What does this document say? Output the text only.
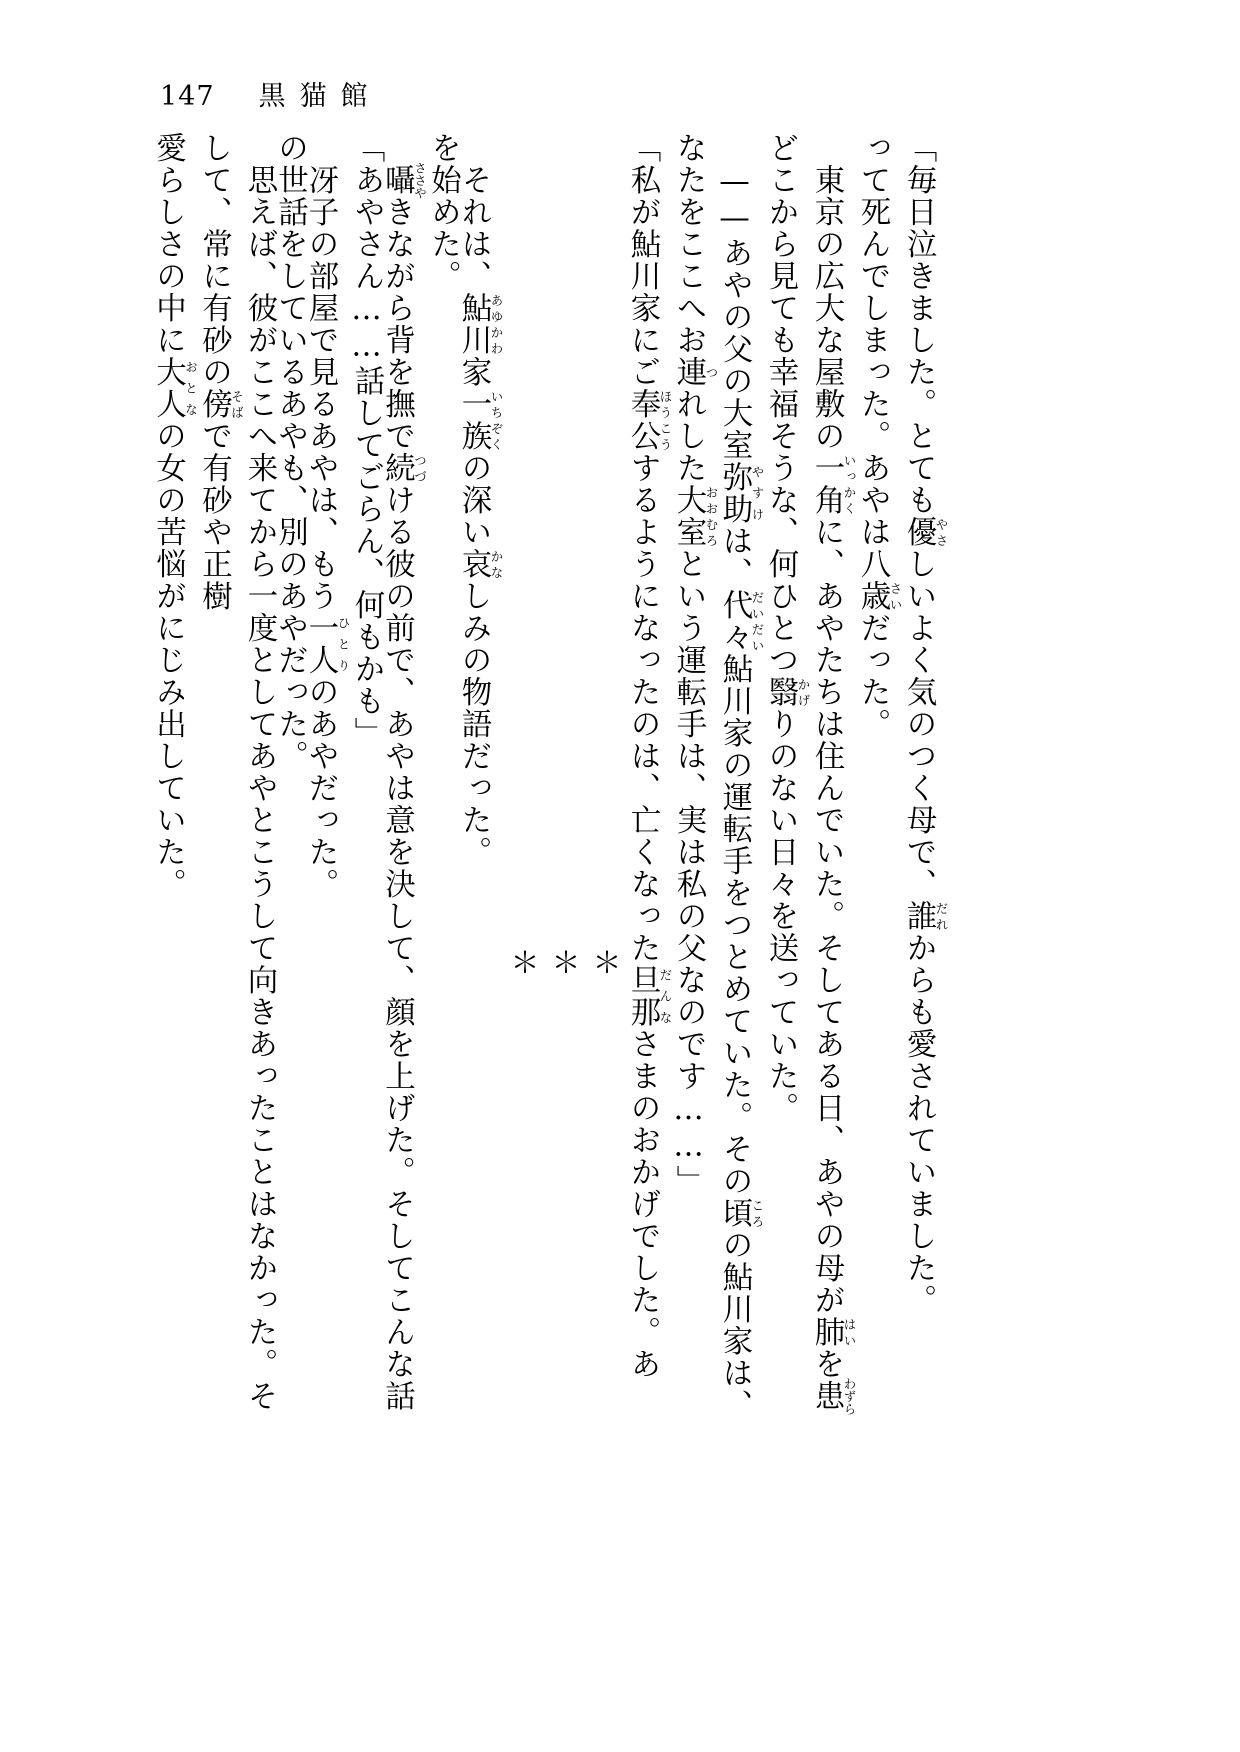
147 黒猫館
愛らしさの中に大人おとなの女の苦悩がにじみ出していた。	　思えば、彼がここへ来てから一度としてあやとこうして向きあったことはなかった。そして、常に有砂の傍そばで有砂や正樹	の世話をしているあやも、別のあやだった。
　冴子の部屋で見るあやは、もう一人ひとりのあやだった。
「あやさん……話してごらん、何もかも」
　囁ささやきながら背を撫で続つづける彼の前で、あやは意を決して、顔を上げた。そしてこんな話
を始めた。
　それは、鮎川あゆかわ家一族いちぞくの深い哀かなしみの物語だった。
＊
＊
＊
「私が鮎川家にご奉公ほうこうするようになったのは、亡くなった旦那だんなさまのおかげでした。あ
なたをここへお連つれした大室おおむろという運転手は、実は私の父なのです……」
　——あやの父の大室弥助やすけは、代々だいだい鮎川家の運転手をつとめていた。その頃ころの鮎川家は、
どこから見ても幸福そうな、何ひとつ翳かげりのない日々を送っていた。
　東京の広大な屋敷の一角いっかくに、あやたちは住んでいた。そしてある日、あやの母が肺はいを患わずら
って死んでしまった。あやは八歳さいだった。
「毎日泣きました。とても優やさしいよく気のつく母で、誰だれからも愛されていました。
